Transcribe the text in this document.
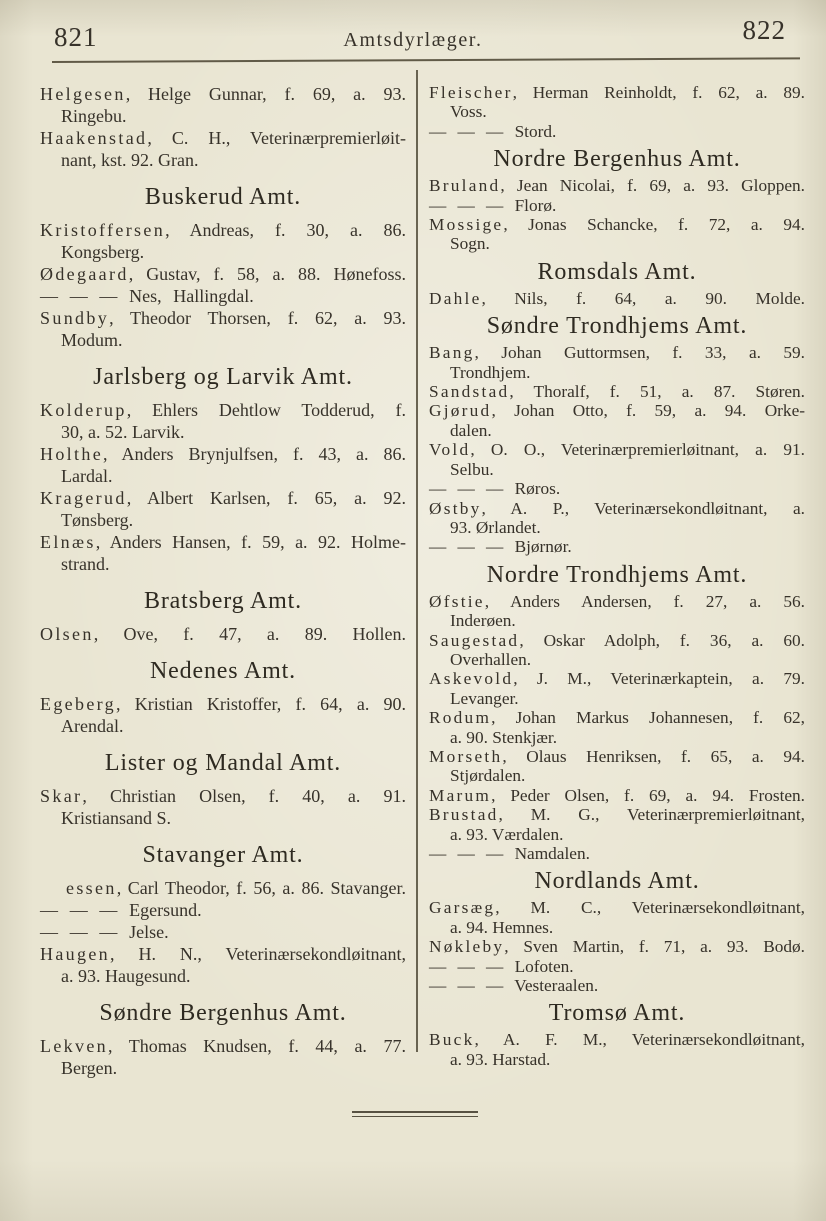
821	Amtsdyrlæger.	822
Helgesen, Helge Gunnar, f. 69, a. 93.
Ringebu.
Haakenstad, C. H., Veterinærpremierløit-
nant, kst. 92. Gran.
Buskerud Amt.
Kristoffersen, Andreas, f. 30, a. 86.
Kongsberg.
Ødegaard, Gustav, f. 58, a. 88. Hønefoss.
— — — Nes, Hallingdal.
Sundby, Theodor Thorsen, f. 62, a. 93.
Modum.
Jarlsberg og Larvik Amt.
Kolderup, Ehlers Dehtlow Todderud, f.
30, a. 52. Larvik.
Holthe, Anders Brynjulfsen, f. 43, a. 86.
Lardal.
Kragerud, Albert Karlsen, f. 65, a. 92.
Tønsberg.
Elnæs, Anders Hansen, f. 59, a. 92. Holme-
strand.
Bratsberg Amt.
Olsen, Ove, f. 47, a. 89. Hollen.
Nedenes Amt.
Egeberg, Kristian Kristoffer, f. 64, a. 90.
Arendal.
Lister og Mandal Amt.
Skar, Christian Olsen, f. 40, a. 91.
Kristiansand S.
Stavanger Amt.
essen, Carl Theodor, f. 56, a. 86. Stavanger.
— — — Egersund.
— — — Jelse.
Haugen, H. N., Veterinærsekondløitnant,
a. 93. Haugesund.
Søndre Bergenhus Amt.
Lekven, Thomas Knudsen, f. 44, a. 77.
Bergen.
Fleischer, Herman Reinholdt, f. 62, a. 89.
Voss.
— — — Stord.
Nordre Bergenhus Amt.
Bruland, Jean Nicolai, f. 69, a. 93. Gloppen.
— — — Florø.
Mossige, Jonas Schancke, f. 72, a. 94.
Sogn.
Romsdals Amt.
Dahle, Nils, f. 64, a. 90. Molde.
Søndre Trondhjems Amt.
Bang, Johan Guttormsen, f. 33, a. 59.
Trondhjem.
Sandstad, Thoralf, f. 51, a. 87. Støren.
Gjørud, Johan Otto, f. 59, a. 94. Orke-
dalen.
Vold, O. O., Veterinærpremierløitnant, a. 91.
Selbu.
— — — Røros.
Østby, A. P., Veterinærsekondløitnant, a.
93. Ørlandet.
— — — Bjørnør.
Nordre Trondhjems Amt.
Øfstie, Anders Andersen, f. 27, a. 56.
Inderøen.
Saugestad, Oskar Adolph, f. 36, a. 60.
Overhallen.
Askevold, J. M., Veterinærkaptein, a. 79.
Levanger.
Rodum, Johan Markus Johannesen, f. 62,
a. 90. Stenkjær.
Morseth, Olaus Henriksen, f. 65, a. 94.
Stjørdalen.
Marum, Peder Olsen, f. 69, a. 94. Frosten.
Brustad, M. G., Veterinærpremierløitnant,
a. 93. Værdalen.
— — — Namdalen.
Nordlands Amt.
Garsæg, M. C., Veterinærsekondløitnant,
a. 94. Hemnes.
Nøkleby, Sven Martin, f. 71, a. 93. Bodø.
— — — Lofoten.
— — — Vesteraalen.
Tromsø Amt.
Buck, A. F. M., Veterinærsekondløitnant,
a. 93. Harstad.
